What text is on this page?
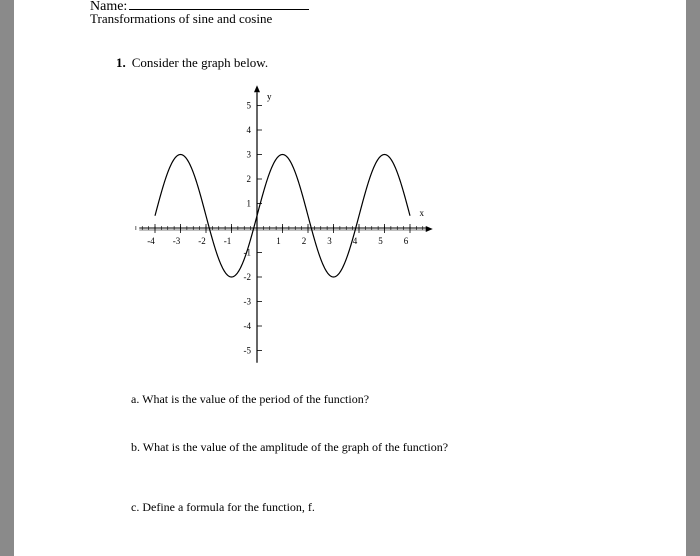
Name:
Transformations of sine and cosine
1. Consider the graph below.
x
y
-4 -3 -2 -1	1 2 3 4 5 6
5
4
3
2
1
-1
-2
-3
-4
-5
a. What is the value of the period of the function?
b. What is the value of the amplitude of the graph of the function?
c. Define a formula for the function, f.
